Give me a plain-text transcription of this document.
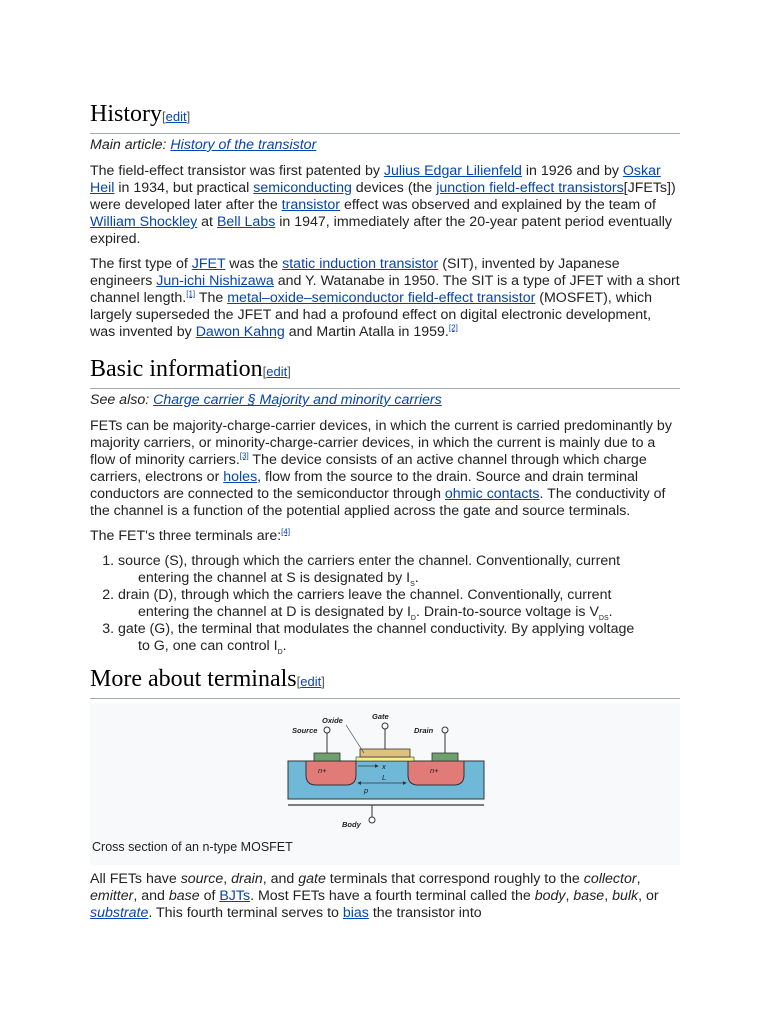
History[edit]
Main article: History of the transistor

The field-effect transistor was first patented by Julius Edgar Lilienfeld in 1926 and by Oskar Heil in 1934, but practical semiconducting devices (the junction field-effect transistors[JFETs]) were developed later after the transistor effect was observed and explained by the team of William Shockley at Bell Labs in 1947, immediately after the 20-year patent period eventually expired.

The first type of JFET was the static induction transistor (SIT), invented by Japanese engineers Jun-ichi Nishizawa and Y. Watanabe in 1950. The SIT is a type of JFET with a short channel length.[1] The metal–oxide–semiconductor field-effect transistor (MOSFET), which largely superseded the JFET and had a profound effect on digital electronic development, was invented by Dawon Kahng and Martin Atalla in 1959.[2]

Basic information[edit]
See also: Charge carrier § Majority and minority carriers

FETs can be majority-charge-carrier devices, in which the current is carried predominantly by majority carriers, or minority-charge-carrier devices, in which the current is mainly due to a flow of minority carriers.[3] The device consists of an active channel through which charge carriers, electrons or holes, flow from the source to the drain. Source and drain terminal conductors are connected to the semiconductor through ohmic contacts. The conductivity of the channel is a function of the potential applied across the gate and source terminals.

The FET's three terminals are:[4]

1. source (S), through which the carriers enter the channel. Conventionally, current
entering the channel at S is designated by $I_S$.
2. drain (D), through which the carriers leave the channel. Conventionally, current
entering the channel at D is designated by $I_D$. Drain-to-source voltage is $V_{DS}$.
3. gate (G), the terminal that modulates the channel conductivity. By applying voltage
to G, one can control $I_D$.
More about terminals[edit]
Source
Oxide	Gate
Drain
Body
n+	n+
x
p
L
Cross section of an n-type MOSFET

All FETs have source, drain, and gate terminals that correspond roughly to the collector, emitter, and base of BJTs. Most FETs have a fourth terminal called the body, base, bulk, or substrate. This fourth terminal serves to bias the transistor into
